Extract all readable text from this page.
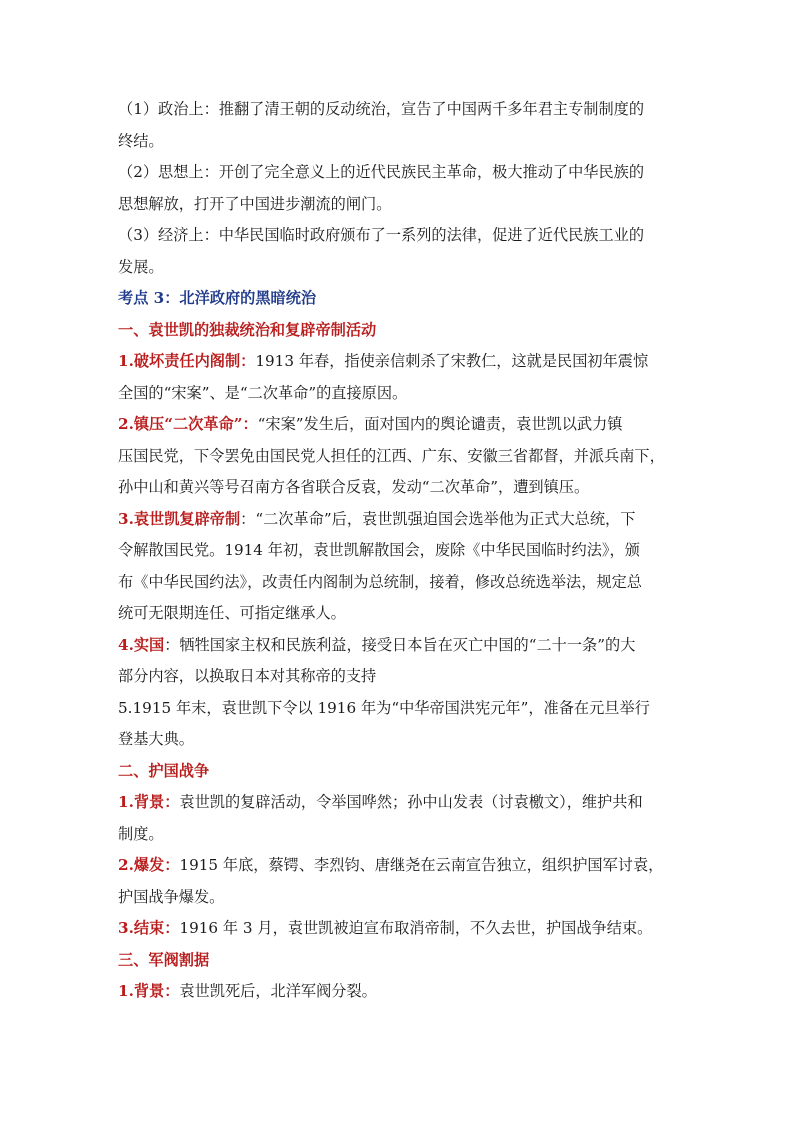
（1）政治上：推翻了清王朝的反动统治，宣告了中国两千多年君主专制制度的
终结。
（2）思想上：开创了完全意义上的近代民族民主革命，极大推动了中华民族的
思想解放，打开了中国进步潮流的闸门。
（3）经济上：中华民国临时政府颁布了一系列的法律，促进了近代民族工业的
发展。
考点 3：北洋政府的黑暗统治
一、袁世凯的独裁统治和复辟帝制活动
1.破坏责任内阁制：1913 年春，指使亲信刺杀了宋教仁，这就是民国初年震惊
全国的“宋案”、是“二次革命”的直接原因。
2.镇压“二次革命”：“宋案”发生后，面对国内的舆论谴责，袁世凯以武力镇
压国民党，下令罢免由国民党人担任的江西、广东、安徽三省都督，并派兵南下，
孙中山和黄兴等号召南方各省联合反袁，发动“二次革命”，遭到镇压。
3.袁世凯复辟帝制：“二次革命”后，袁世凯强迫国会选举他为正式大总统，下
令解散国民党。1914 年初，袁世凯解散国会，废除《中华民国临时约法》，颁
布《中华民国约法》，改责任内阁制为总统制，接着，修改总统选举法，规定总
统可无限期连任、可指定继承人。
4.实国：牺牲国家主权和民族利益，接受日本旨在灭亡中国的“二十一条”的大
部分内容，以换取日本对其称帝的支持
5.1915 年末，袁世凯下令以 1916 年为“中华帝国洪宪元年”，准备在元旦举行
登基大典。
二、护国战争
1.背景：袁世凯的复辟活动，令举国哗然；孙中山发表（讨袁檄文），维护共和
制度。
2.爆发：1915 年底，蔡锷、李烈钧、唐继尧在云南宣告独立，组织护国军讨袁，
护国战争爆发。
3.结束：1916 年 3 月，袁世凯被迫宣布取消帝制，不久去世，护国战争结束。
三、军阀割据
1.背景：袁世凯死后，北洋军阀分裂。
